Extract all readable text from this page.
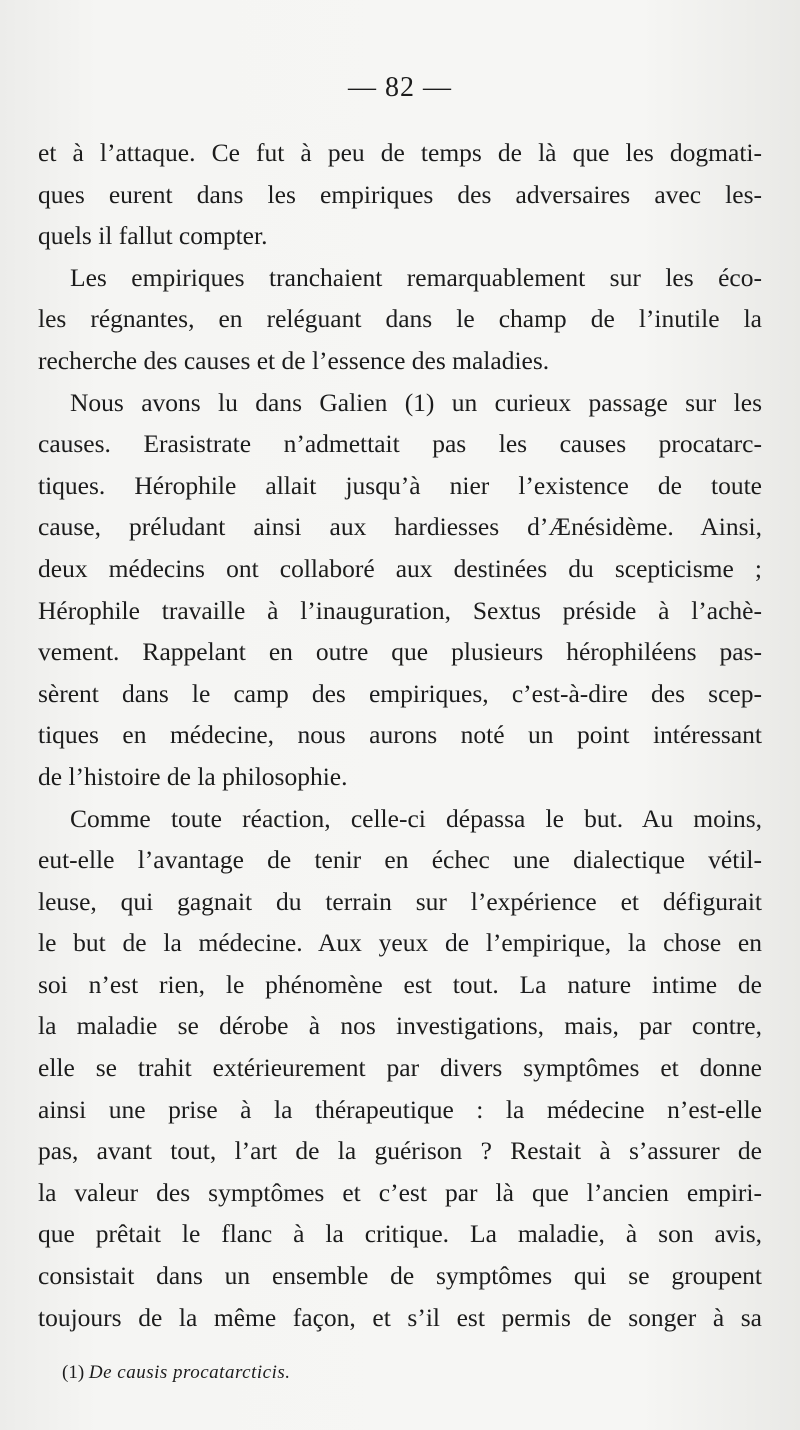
— 82 —
et à l’attaque. Ce fut à peu de temps de là que les dogmati-
ques eurent dans les empiriques des adversaires avec les-
quels il fallut compter.
Les empiriques tranchaient remarquablement sur les éco-
les régnantes, en reléguant dans le champ de l’inutile la
recherche des causes et de l’essence des maladies.
Nous avons lu dans Galien (1) un curieux passage sur les
causes. Erasistrate n’admettait pas les causes procatarc-
tiques. Hérophile allait jusqu’à nier l’existence de toute
cause, préludant ainsi aux hardiesses d’Ænésidème. Ainsi,
deux médecins ont collaboré aux destinées du scepticisme ;
Hérophile travaille à l’inauguration, Sextus préside à l’achè-
vement. Rappelant en outre que plusieurs hérophiléens pas-
sèrent dans le camp des empiriques, c’est-à-dire des scep-
tiques en médecine, nous aurons noté un point intéressant
de l’histoire de la philosophie.
Comme toute réaction, celle-ci dépassa le but. Au moins,
eut-elle l’avantage de tenir en échec une dialectique vétil-
leuse, qui gagnait du terrain sur l’expérience et défigurait
le but de la médecine. Aux yeux de l’empirique, la chose en
soi n’est rien, le phénomène est tout. La nature intime de
la maladie se dérobe à nos investigations, mais, par contre,
elle se trahit extérieurement par divers symptômes et donne
ainsi une prise à la thérapeutique : la médecine n’est-elle
pas, avant tout, l’art de la guérison ? Restait à s’assurer de
la valeur des symptômes et c’est par là que l’ancien empiri-
que prêtait le flanc à la critique. La maladie, à son avis,
consistait dans un ensemble de symptômes qui se groupent
toujours de la même façon, et s’il est permis de songer à sa
(1) De causis procatarcticis.
